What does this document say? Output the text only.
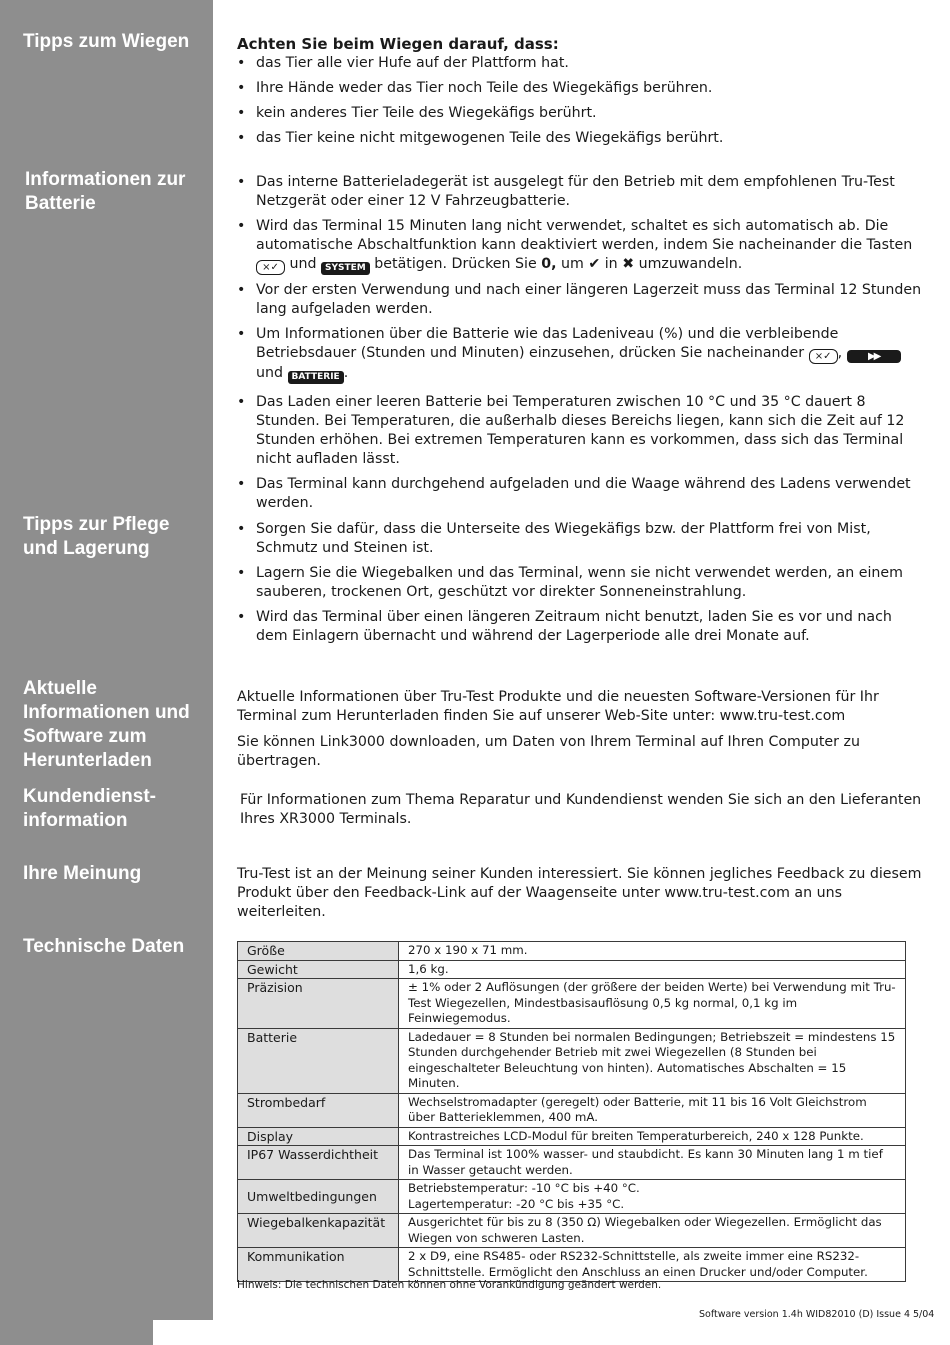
Tipps zum Wiegen
Informationen zur Batterie
Tipps zur Pflege und Lagerung
Aktuelle Informationen und Software zum Herunterladen
Kundendienst-information
Ihre Meinung
Technische Daten

Achten Sie beim Wiegen darauf, dass:

• das Tier alle vier Hufe auf der Plattform hat.
• Ihre Hände weder das Tier noch Teile des Wiegekäfigs berühren.
• kein anderes Tier Teile des Wiegekäfigs berührt.
• das Tier keine nicht mitgewogenen Teile des Wiegekäfigs berührt.
• Das interne Batterieladegerät ist ausgelegt für den Betrieb mit dem empfohlenen Tru-Test Netzgerät oder einer 12 V Fahrzeugbatterie.
• Wird das Terminal 15 Minuten lang nicht verwendet, schaltet es sich automatisch ab. Die automatische Abschaltfunktion kann deaktiviert werden, indem Sie nacheinander die Tasten ×✓ und SYSTEM betätigen. Drücken Sie 0, um ✔ in ✖ umzuwandeln.
• Vor der ersten Verwendung und nach einer längeren Lagerzeit muss das Terminal 12 Stunden lang aufgeladen werden.
• Um Informationen über die Batterie wie das Ladeniveau (%) und die verbleibende Betriebsdauer (Stunden und Minuten) einzusehen, drücken Sie nacheinander ×✓ ,	▶▶ und BATTERIE .
• Das Laden einer leeren Batterie bei Temperaturen zwischen 10 °C und 35 °C dauert 8 Stunden. Bei Temperaturen, die außerhalb dieses Bereichs liegen, kann sich die Zeit auf 12 Stunden erhöhen. Bei extremen Temperaturen kann es vorkommen, dass sich das Terminal nicht aufladen lässt.
• Das Terminal kann durchgehend aufgeladen und die Waage während des Ladens verwendet werden.
• Sorgen Sie dafür, dass die Unterseite des Wiegekäfigs bzw. der Plattform frei von Mist, Schmutz und Steinen ist.
• Lagern Sie die Wiegebalken und das Terminal, wenn sie nicht verwendet werden, an einem sauberen, trockenen Ort, geschützt vor direkter Sonneneinstrahlung.
• Wird das Terminal über einen längeren Zeitraum nicht benutzt, laden Sie es vor und nach dem Einlagern übernacht und während der Lagerperiode alle drei Monate auf.

Aktuelle Informationen über Tru-Test Produkte und die neuesten Software-Versionen für Ihr Terminal zum Herunterladen finden Sie auf unserer Web-Site unter: www.tru-test.com

Sie können Link3000 downloaden, um Daten von Ihrem Terminal auf Ihren Computer zu übertragen.

Für Informationen zum Thema Reparatur und Kundendienst wenden Sie sich an den Lieferanten Ihres XR3000 Terminals.

Tru-Test ist an der Meinung seiner Kunden interessiert. Sie können jegliches Feedback zu diesem Produkt über den Feedback-Link auf der Waagenseite unter www.tru-test.com an uns weiterleiten.

Größe	270 x 190 x 71 mm.
Gewicht	1,6 kg.
Präzision	± 1% oder 2 Auflösungen (der größere der beiden Werte) bei Verwendung mit Tru-Test Wiegezellen, Mindestbasisauflösung 0,5 kg normal, 0,1 kg im Feinwiegemodus.
Batterie	Ladedauer = 8 Stunden bei normalen Bedingungen; Betriebszeit = mindestens 15 Stunden durchgehender Betrieb mit zwei Wiegezellen (8 Stunden bei eingeschalteter Beleuchtung von hinten). Automatisches Abschalten = 15 Minuten.
Strombedarf	Wechselstromadapter (geregelt) oder Batterie, mit 11 bis 16 Volt Gleichstrom über Batterieklemmen, 400 mA.
Display	Kontrastreiches LCD-Modul für breiten Temperaturbereich, 240 x 128 Punkte.
IP67 Wasserdichtheit	Das Terminal ist 100% wasser- und staubdicht. Es kann 30 Minuten lang 1 m tief in Wasser getaucht werden.
Umweltbedingungen	Betriebstemperatur: -10 °C bis +40 °C.
Lagertemperatur: -20 °C bis +35 °C.
Wiegebalkenkapazität	Ausgerichtet für bis zu 8 (350 Ω) Wiegebalken oder Wiegezellen. Ermöglicht das Wiegen von schweren Lasten.
Kommunikation	2 x D9, eine RS485- oder RS232-Schnittstelle, als zweite immer eine RS232-Schnittstelle. Ermöglicht den Anschluss an einen Drucker und/oder Computer.
Hinweis: Die technischen Daten können ohne Vorankündigung geändert werden.
Software version 1.4h WID82010 (D) Issue 4 5/04
